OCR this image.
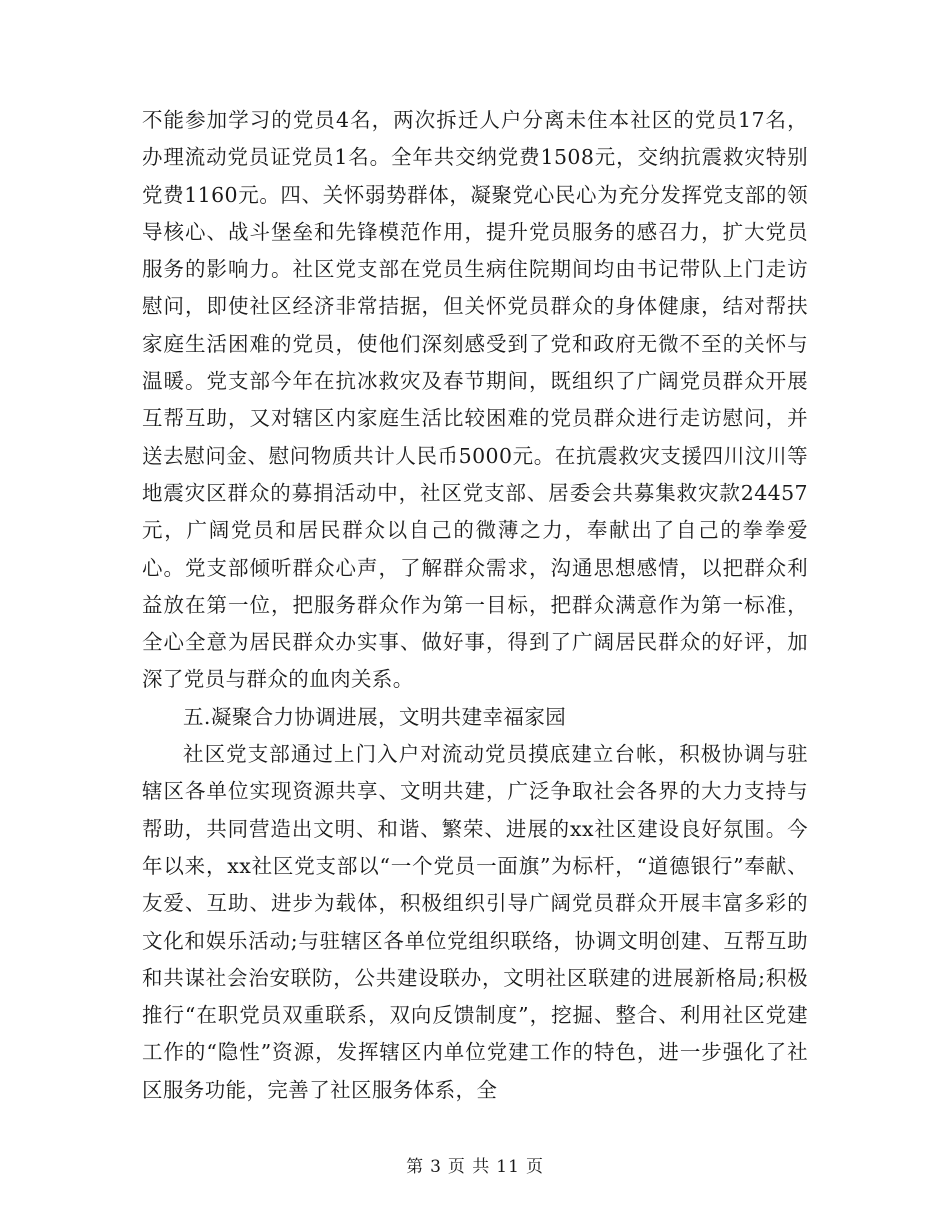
不能参加学习的党员4名，两次拆迁人户分离未住本社区的党员17名，办理流动党员证党员1名。全年共交纳党费1508元，交纳抗震救灾特别党费1160元。四、关怀弱势群体，凝聚党心民心为充分发挥党支部的领导核心、战斗堡垒和先锋模范作用，提升党员服务的感召力，扩大党员服务的影响力。社区党支部在党员生病住院期间均由书记带队上门走访慰问，即使社区经济非常拮据，但关怀党员群众的身体健康，结对帮扶家庭生活困难的党员，使他们深刻感受到了党和政府无微不至的关怀与温暖。党支部今年在抗冰救灾及春节期间，既组织了广阔党员群众开展互帮互助，又对辖区内家庭生活比较困难的党员群众进行走访慰问，并送去慰问金、慰问物质共计人民币5000元。在抗震救灾支援四川汶川等地震灾区群众的募捐活动中，社区党支部、居委会共募集救灾款24457元，广阔党员和居民群众以自己的微薄之力，奉献出了自己的拳拳爱心。党支部倾听群众心声，了解群众需求，沟通思想感情，以把群众利益放在第一位，把服务群众作为第一目标，把群众满意作为第一标准，全心全意为居民群众办实事、做好事，得到了广阔居民群众的好评，加深了党员与群众的血肉关系。

五.凝聚合力协调进展，文明共建幸福家园

社区党支部通过上门入户对流动党员摸底建立台帐，积极协调与驻辖区各单位实现资源共享、文明共建，广泛争取社会各界的大力支持与帮助，共同营造出文明、和谐、繁荣、进展的xx社区建设良好氛围。今年以来，xx社区党支部以“一个党员一面旗”为标杆，“道德银行”奉献、友爱、互助、进步为载体，积极组织引导广阔党员群众开展丰富多彩的文化和娱乐活动;与驻辖区各单位党组织联络，协调文明创建、互帮互助和共谋社会治安联防，公共建设联办，文明社区联建的进展新格局;积极推行“在职党员双重联系，双向反馈制度”，挖掘、整合、利用社区党建工作的“隐性”资源，发挥辖区内单位党建工作的特色，进一步强化了社区服务功能，完善了社区服务体系，全

第 3 页 共 11 页
